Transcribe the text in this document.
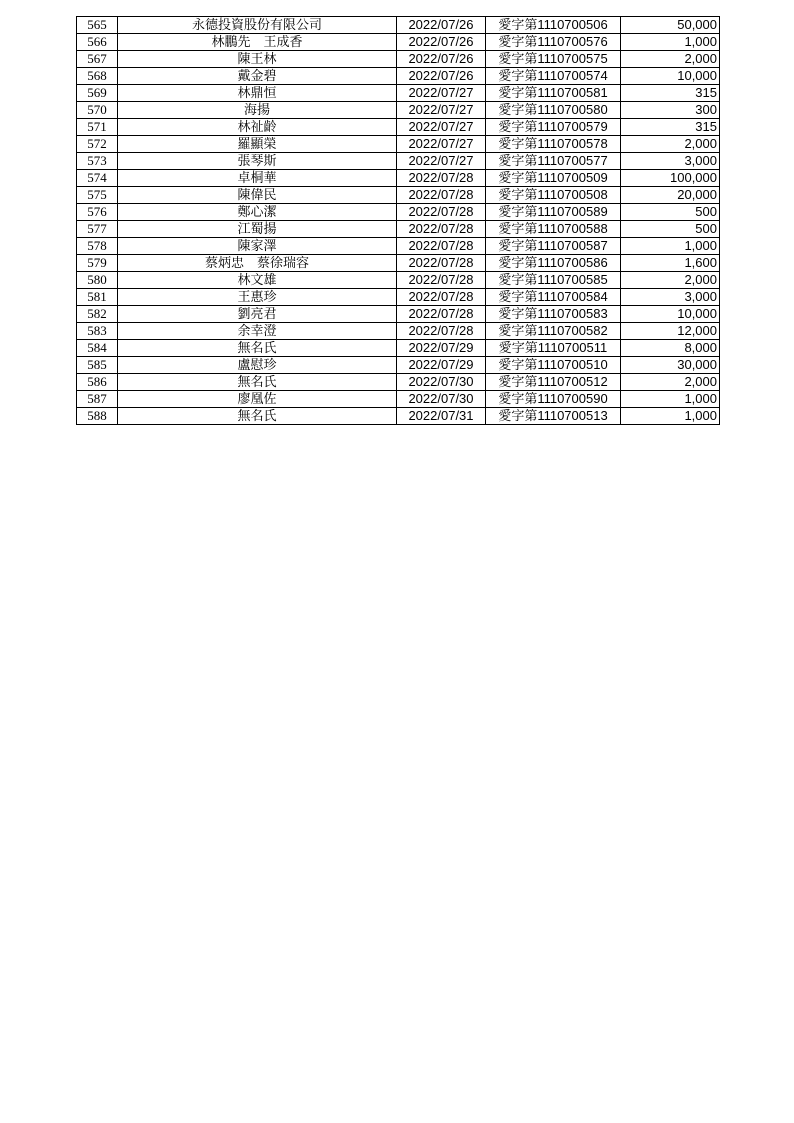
565	永德投資股份有限公司	2022/07/26	愛字第1110700506	50,000
566	林鵬先　王成香	2022/07/26	愛字第1110700576	1,000
567	陳王林	2022/07/26	愛字第1110700575	2,000
568	戴金碧	2022/07/26	愛字第1110700574	10,000
569	林鼎恒	2022/07/27	愛字第1110700581	315
570	海揚	2022/07/27	愛字第1110700580	300
571	林祉齡	2022/07/27	愛字第1110700579	315
572	羅顯榮	2022/07/27	愛字第1110700578	2,000
573	張琴斯	2022/07/27	愛字第1110700577	3,000
574	卓桐華	2022/07/28	愛字第1110700509	100,000
575	陳偉民	2022/07/28	愛字第1110700508	20,000
576	鄭心潔	2022/07/28	愛字第1110700589	500
577	江蜀揚	2022/07/28	愛字第1110700588	500
578	陳家澤	2022/07/28	愛字第1110700587	1,000
579	蔡炳忠　蔡徐瑞容	2022/07/28	愛字第1110700586	1,600
580	林文雄	2022/07/28	愛字第1110700585	2,000
581	王惠珍	2022/07/28	愛字第1110700584	3,000
582	劉亮君	2022/07/28	愛字第1110700583	10,000
583	余幸澄	2022/07/28	愛字第1110700582	12,000
584	無名氏	2022/07/29	愛字第1110700511	8,000
585	盧慰珍	2022/07/29	愛字第1110700510	30,000
586	無名氏	2022/07/30	愛字第1110700512	2,000
587	廖凰佐	2022/07/30	愛字第1110700590	1,000
588	無名氏	2022/07/31	愛字第1110700513	1,000
